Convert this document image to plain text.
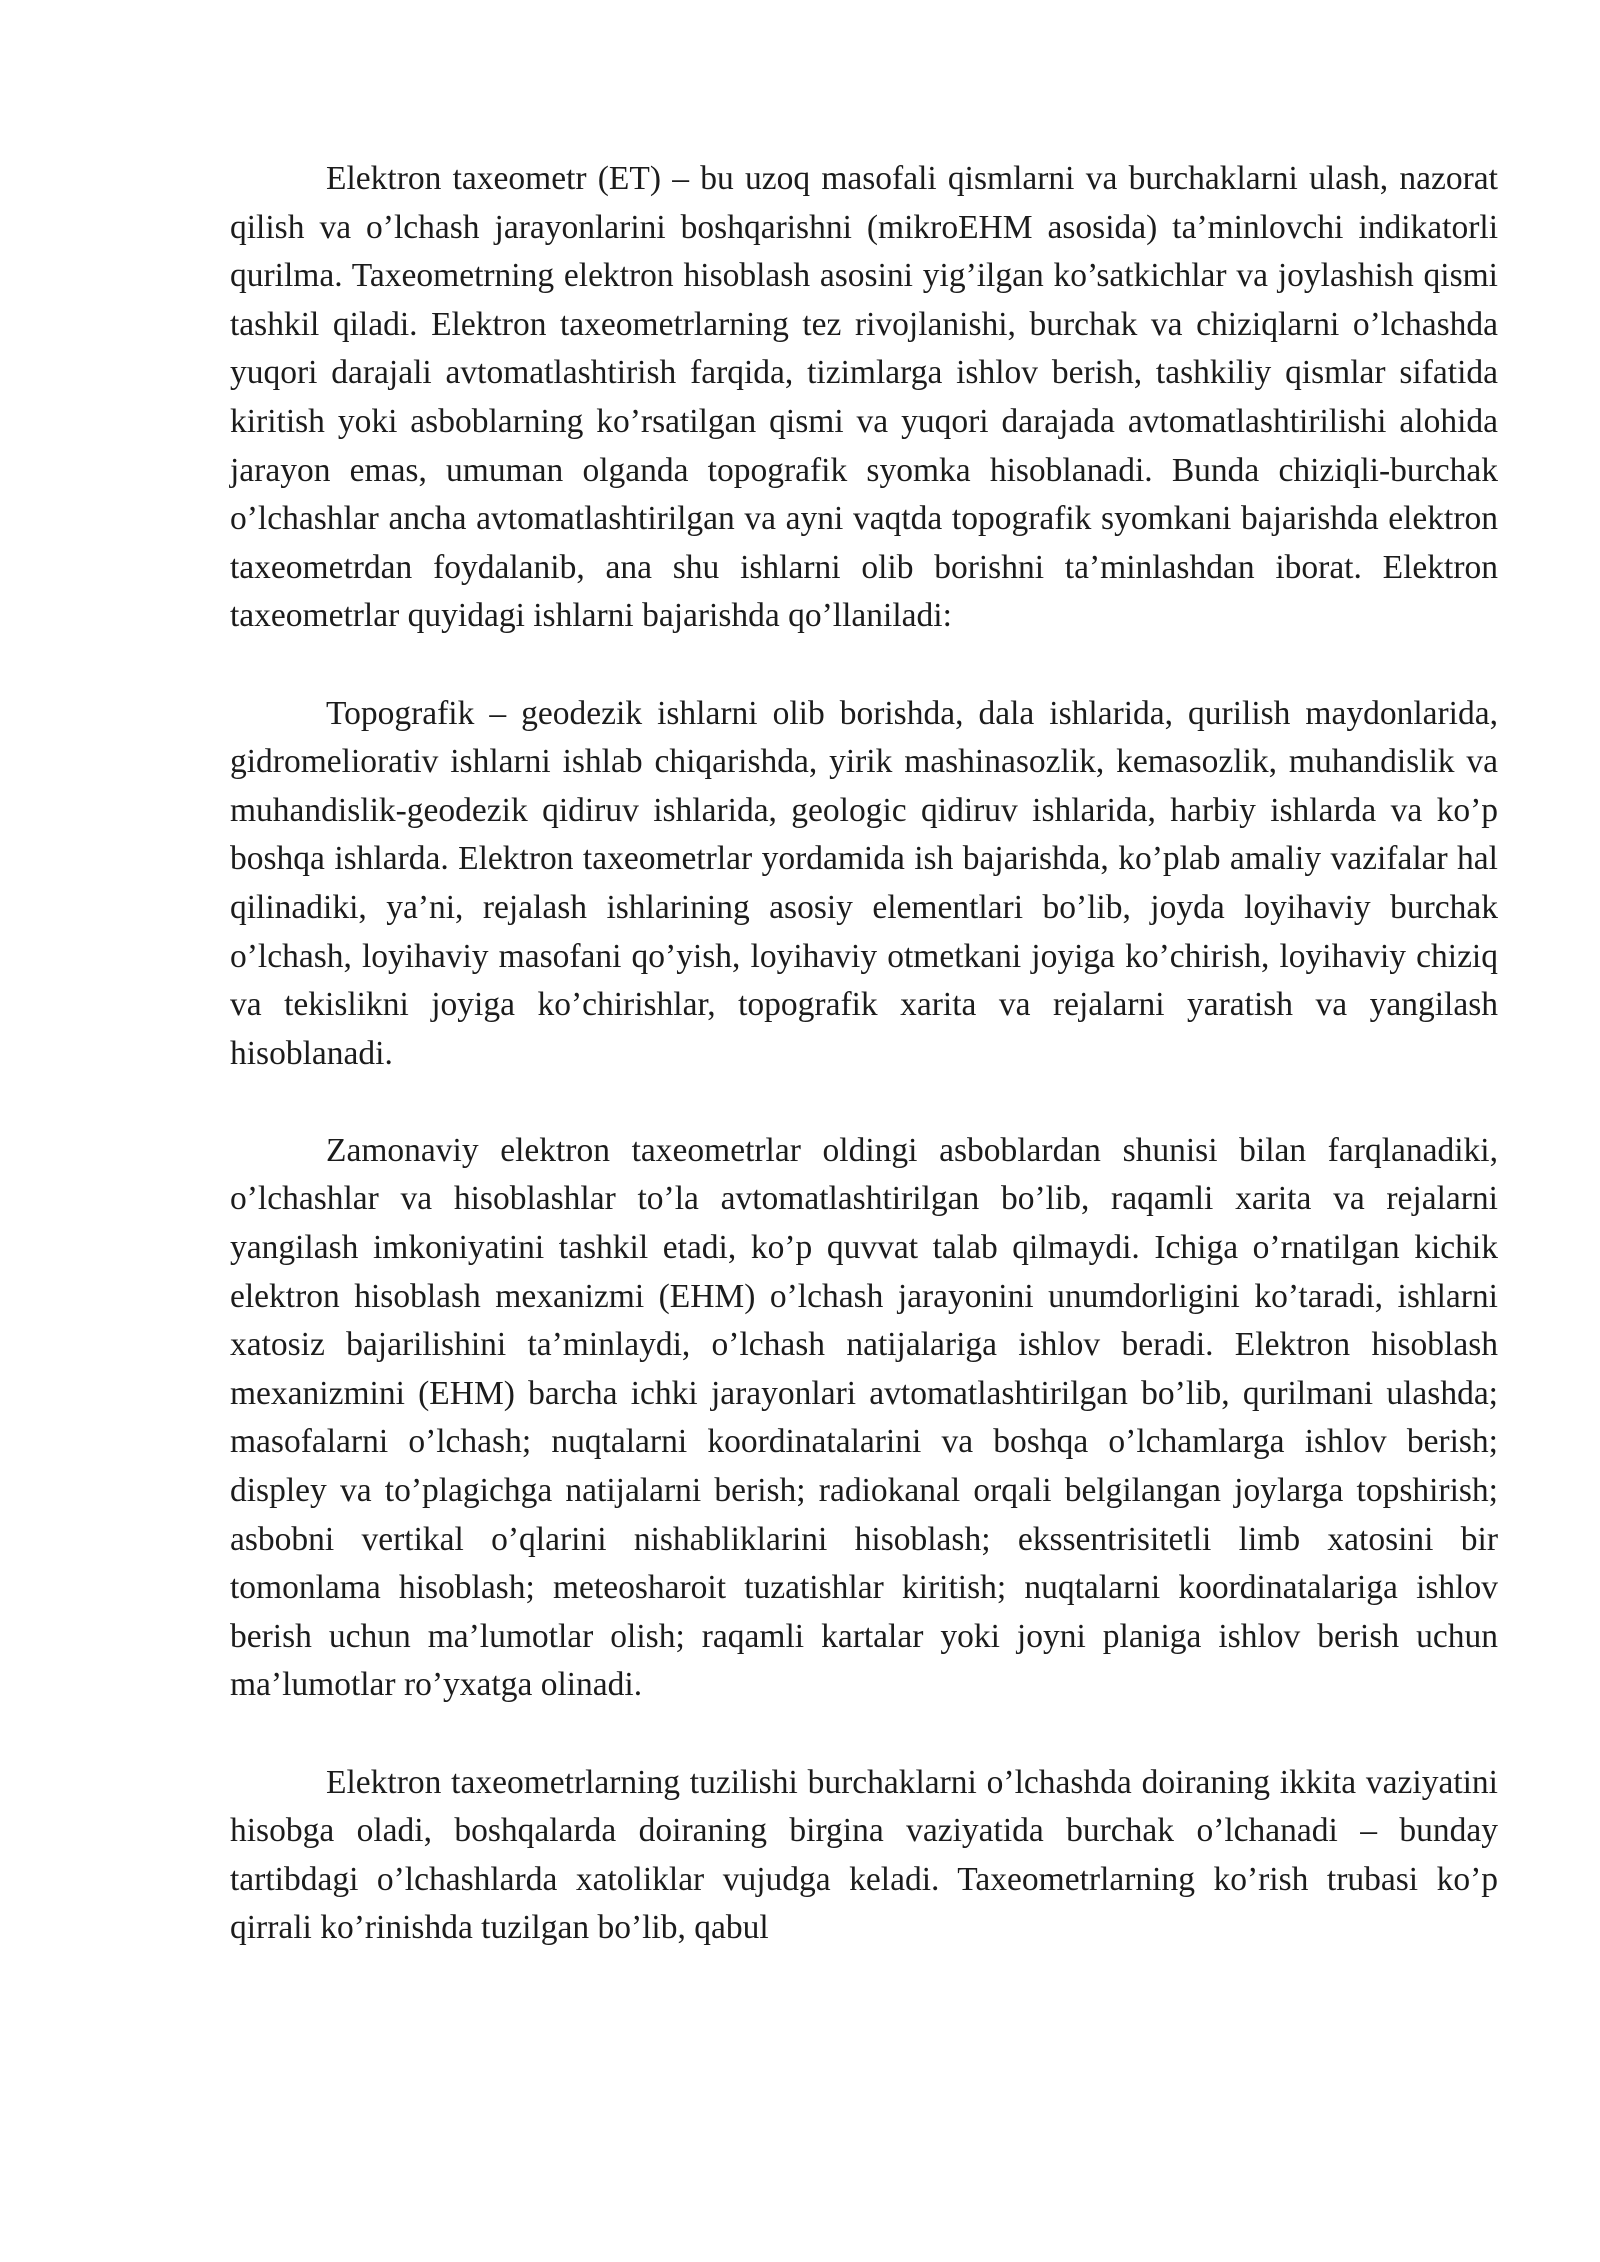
Elektron taxeometr (ET) – bu uzoq masofali qismlarni va burchaklarni ulash, nazorat qilish va o’lchash jarayonlarini boshqarishni (mikroEHM asosida) ta’minlovchi indikatorli qurilma. Taxeometrning elektron hisoblash asosini yig’ilgan ko’satkichlar va joylashish qismi tashkil qiladi. Elektron taxeometrlarning tez rivojlanishi, burchak va chiziqlarni o’lchashda yuqori darajali avtomatlashtirish farqida, tizimlarga ishlov berish, tashkiliy qismlar sifatida kiritish yoki asboblarning ko’rsatilgan qismi va yuqori darajada avtomatlashtirilishi alohida jarayon emas, umuman olganda topografik syomka hisoblanadi. Bunda chiziqli-burchak o’lchashlar ancha avtomatlashtirilgan va ayni vaqtda topografik syomkani bajarishda elektron taxeometrdan foydalanib, ana shu ishlarni olib borishni ta’minlashdan iborat. Elektron taxeometrlar quyidagi ishlarni bajarishda qo’llaniladi:

Topografik – geodezik ishlarni olib borishda, dala ishlarida, qurilish maydonlarida, gidromeliorativ ishlarni ishlab chiqarishda, yirik mashinasozlik, kemasozlik, muhandislik va muhandislik-geodezik qidiruv ishlarida, geologic qidiruv ishlarida, harbiy ishlarda va ko’p boshqa ishlarda. Elektron taxeometrlar yordamida ish bajarishda, ko’plab amaliy vazifalar hal qilinadiki, ya’ni, rejalash ishlarining asosiy elementlari bo’lib, joyda loyihaviy burchak o’lchash, loyihaviy masofani qo’yish, loyihaviy otmetkani joyiga ko’chirish, loyihaviy chiziq va tekislikni joyiga ko’chirishlar, topografik xarita va rejalarni yaratish va yangilash hisoblanadi.

Zamonaviy elektron taxeometrlar oldingi asboblardan shunisi bilan farqlanadiki, o’lchashlar va hisoblashlar to’la avtomatlashtirilgan bo’lib, raqamli xarita va rejalarni yangilash imkoniyatini tashkil etadi, ko’p quvvat talab qilmaydi. Ichiga o’rnatilgan kichik elektron hisoblash mexanizmi (EHM) o’lchash jarayonini unumdorligini ko’taradi, ishlarni xatosiz bajarilishini ta’minlaydi, o’lchash natijalariga ishlov beradi. Elektron hisoblash mexanizmini (EHM) barcha ichki jarayonlari avtomatlashtirilgan bo’lib, qurilmani ulashda; masofalarni o’lchash; nuqtalarni koordinatalarini va boshqa o’lchamlarga ishlov berish; displey va to’plagichga natijalarni berish; radiokanal orqali belgilangan joylarga topshirish; asbobni vertikal o’qlarini nishabliklarini hisoblash; ekssentrisitetli limb xatosini bir tomonlama hisoblash; meteosharoit tuzatishlar kiritish; nuqtalarni koordinatalariga ishlov berish uchun ma’lumotlar olish; raqamli kartalar yoki joyni planiga ishlov berish uchun ma’lumotlar ro’yxatga olinadi.

Elektron taxeometrlarning tuzilishi burchaklarni o’lchashda doiraning ikkita vaziyatini hisobga oladi, boshqalarda doiraning birgina vaziyatida burchak o’lchanadi – bunday tartibdagi o’lchashlarda xatoliklar vujudga keladi. Taxeometrlarning ko’rish trubasi ko’p qirrali ko’rinishda tuzilgan bo’lib, qabul
